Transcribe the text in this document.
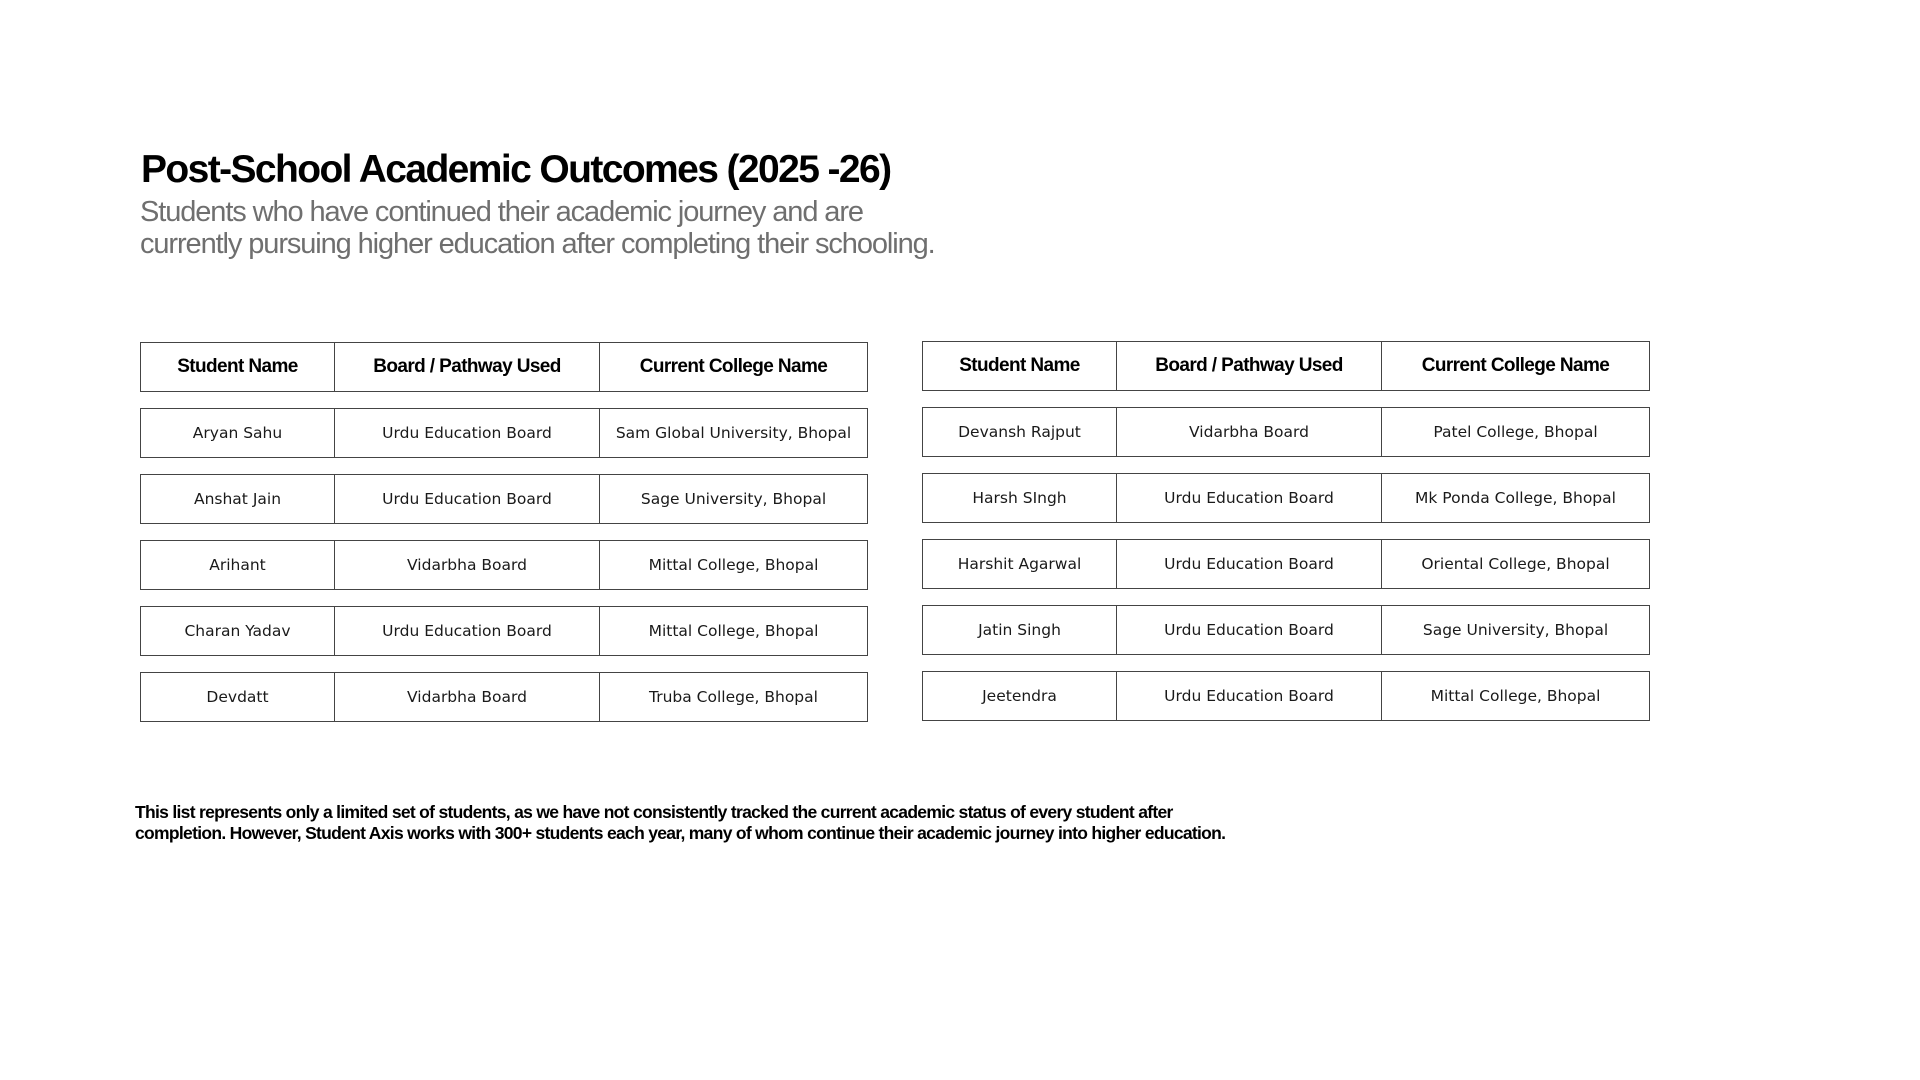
Post-School Academic Outcomes (2025 -26)

Students who have continued their academic journey and are
currently pursuing higher education after completing their schooling.

Student Name	Board / Pathway Used	Current College Name
Aryan Sahu	Urdu Education Board	Sam Global University, Bhopal
Anshat Jain	Urdu Education Board	Sage University, Bhopal
Arihant	Vidarbha Board	Mittal College, Bhopal
Charan Yadav	Urdu Education Board	Mittal College, Bhopal
Devdatt	Vidarbha Board	Truba College, Bhopal
Student Name	Board / Pathway Used	Current College Name
Devansh Rajput	Vidarbha Board	Patel College, Bhopal
Harsh SIngh	Urdu Education Board	Mk Ponda College, Bhopal
Harshit Agarwal	Urdu Education Board	Oriental College, Bhopal
Jatin Singh	Urdu Education Board	Sage University, Bhopal
Jeetendra	Urdu Education Board	Mittal College, Bhopal

This list represents only a limited set of students, as we have not consistently tracked the current academic status of every student after
completion. However, Student Axis works with 300+ students each year, many of whom continue their academic journey into higher education.
